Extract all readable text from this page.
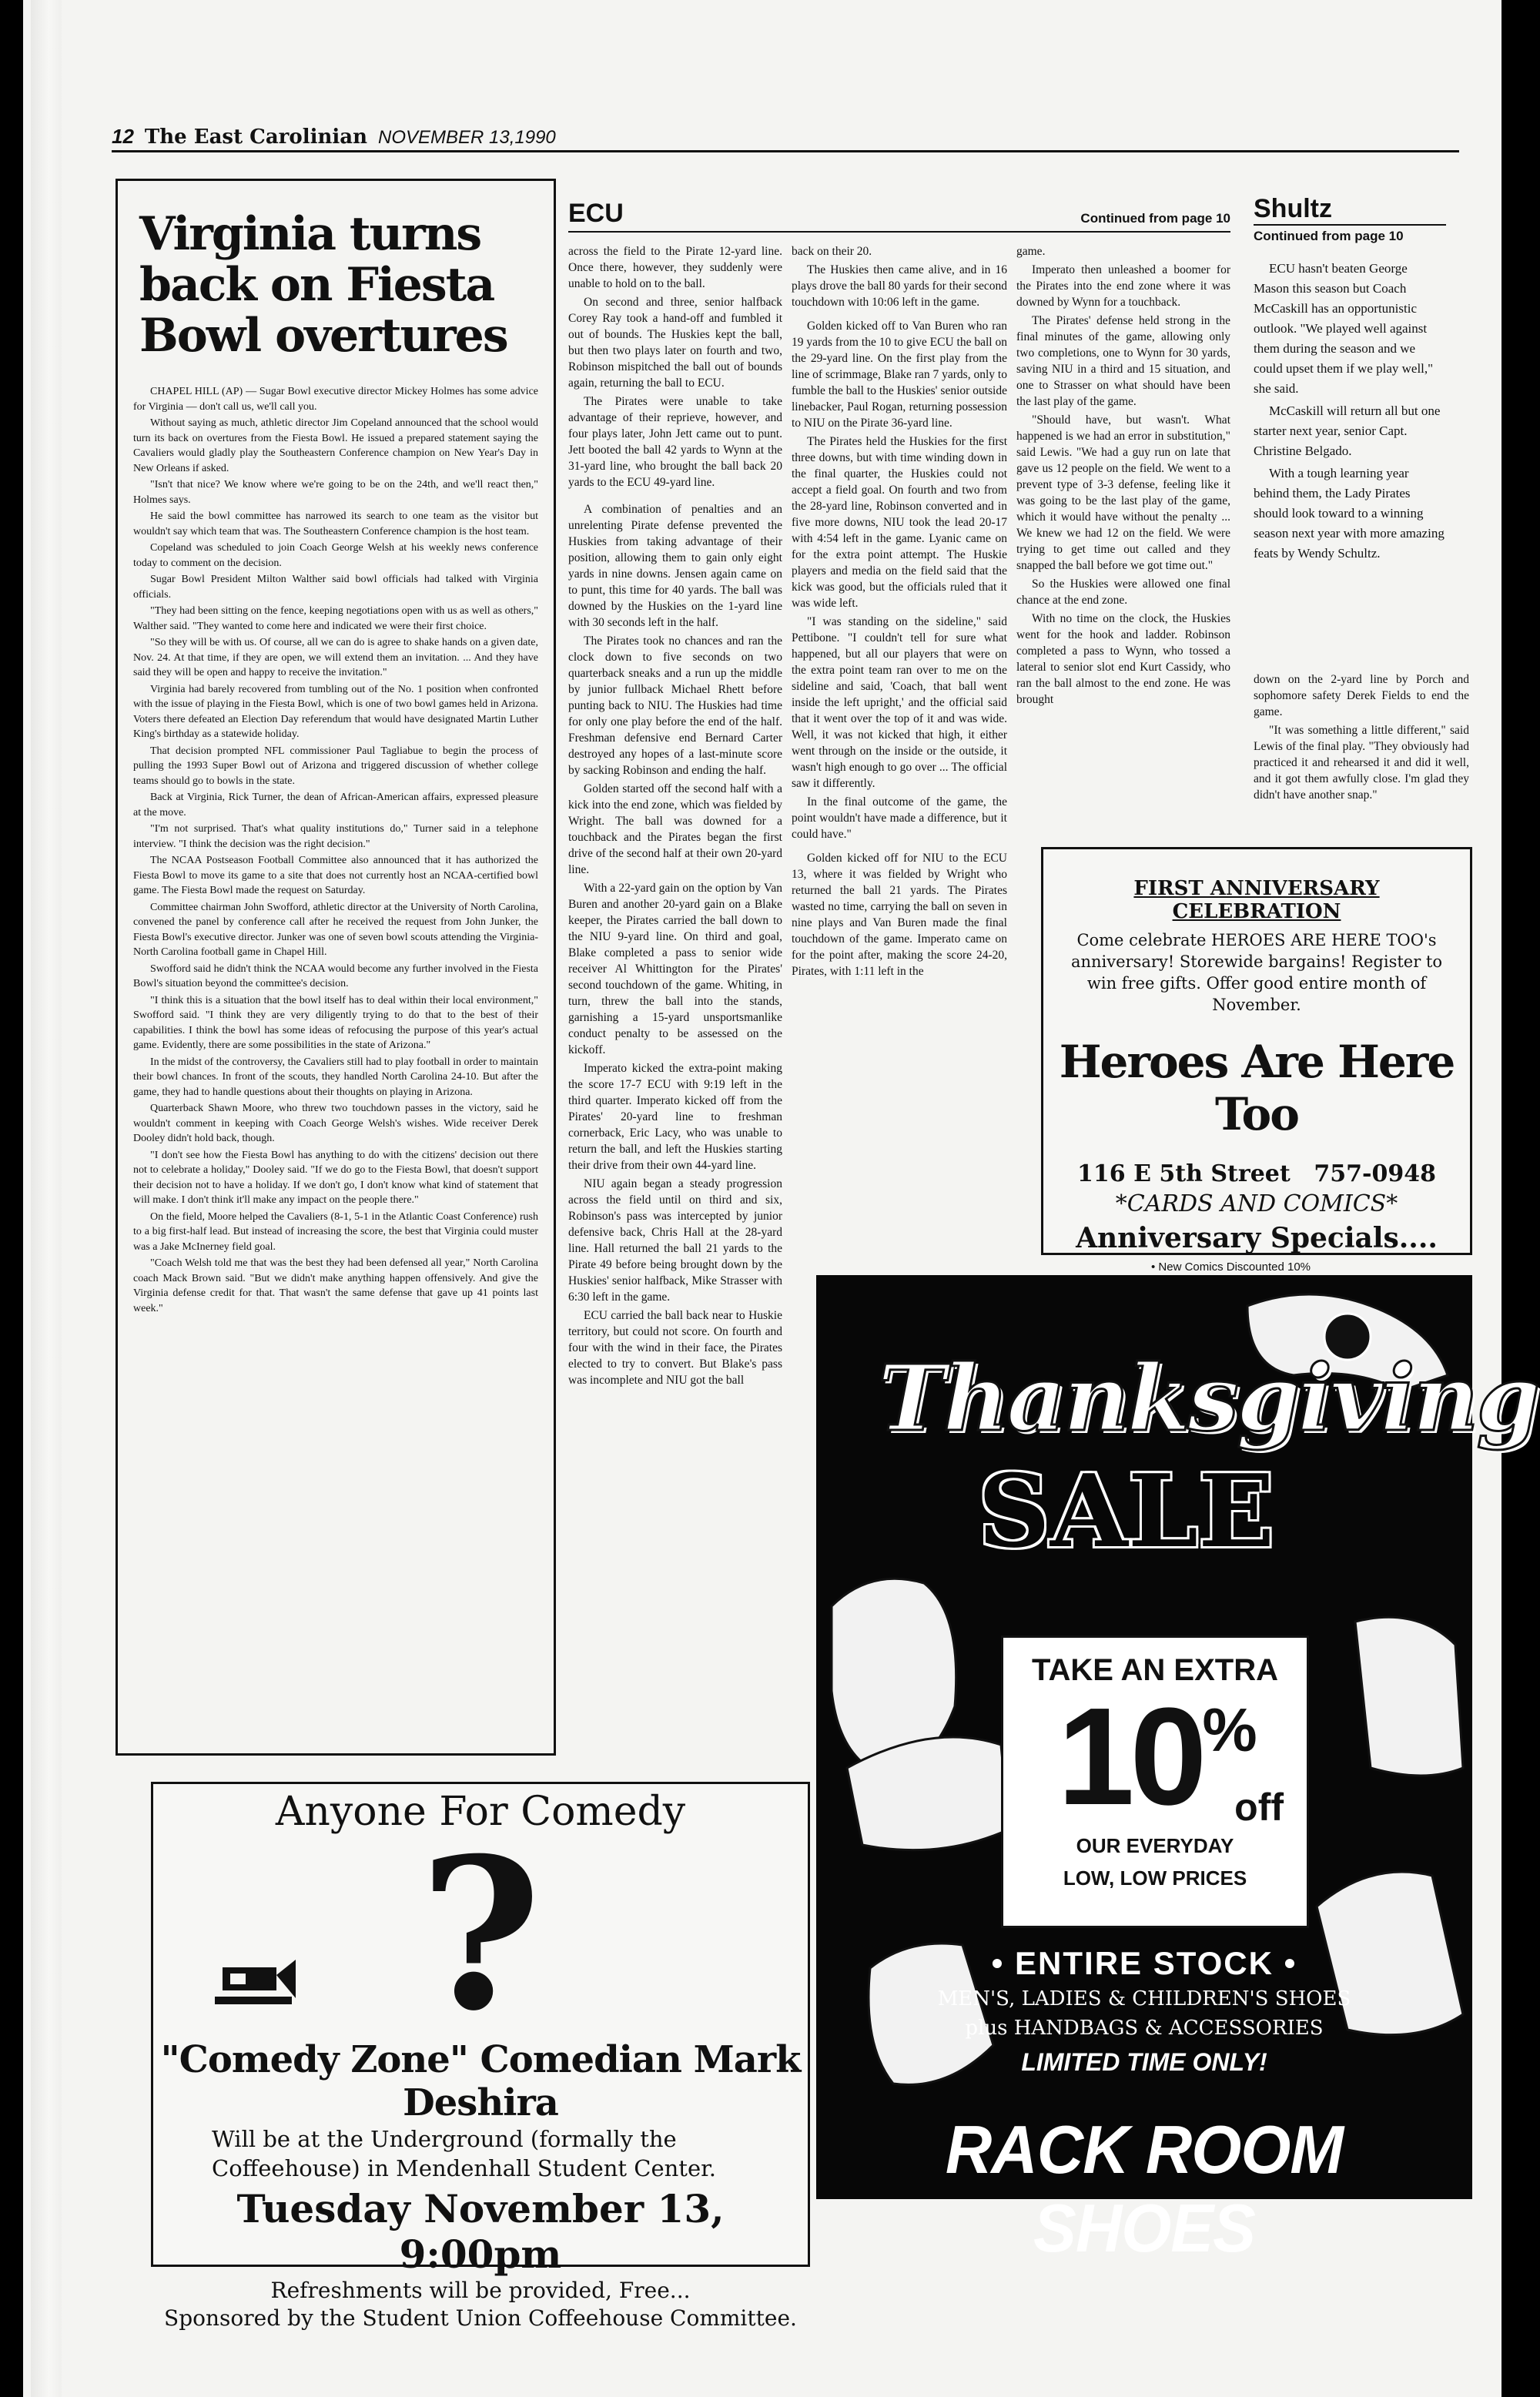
12 The East Carolinian NOVEMBER 13,1990
Virginia turns back on Fiesta Bowl overtures

CHAPEL HILL (AP) — Sugar Bowl executive director Mickey Holmes has some advice for Virginia — don't call us, we'll call you.

Without saying as much, athletic director Jim Copeland announced that the school would turn its back on overtures from the Fiesta Bowl. He issued a prepared statement saying the Cavaliers would gladly play the Southeastern Conference champion on New Year's Day in New Orleans if asked.

"Isn't that nice? We know where we're going to be on the 24th, and we'll react then," Holmes says.

He said the bowl committee has narrowed its search to one team as the visitor but wouldn't say which team that was. The Southeastern Conference champion is the host team.

Copeland was scheduled to join Coach George Welsh at his weekly news conference today to comment on the decision.

Sugar Bowl President Milton Walther said bowl officials had talked with Virginia officials.

"They had been sitting on the fence, keeping negotiations open with us as well as others," Walther said. "They wanted to come here and indicated we were their first choice.

"So they will be with us. Of course, all we can do is agree to shake hands on a given date, Nov. 24. At that time, if they are open, we will extend them an invitation. ... And they have said they will be open and happy to receive the invitation."

Virginia had barely recovered from tumbling out of the No. 1 position when confronted with the issue of playing in the Fiesta Bowl, which is one of two bowl games held in Arizona. Voters there defeated an Election Day referendum that would have designated Martin Luther King's birthday as a statewide holiday.

That decision prompted NFL commissioner Paul Tagliabue to begin the process of pulling the 1993 Super Bowl out of Arizona and triggered discussion of whether college teams should go to bowls in the state.

Back at Virginia, Rick Turner, the dean of African-American affairs, expressed pleasure at the move.

"I'm not surprised. That's what quality institutions do," Turner said in a telephone interview. "I think the decision was the right decision."

The NCAA Postseason Football Committee also announced that it has authorized the Fiesta Bowl to move its game to a site that does not currently host an NCAA-certified bowl game. The Fiesta Bowl made the request on Saturday.

Committee chairman John Swofford, athletic director at the University of North Carolina, convened the panel by conference call after he received the request from John Junker, the Fiesta Bowl's executive director. Junker was one of seven bowl scouts attending the Virginia-North Carolina football game in Chapel Hill.

Swofford said he didn't think the NCAA would become any further involved in the Fiesta Bowl's situation beyond the committee's decision.

"I think this is a situation that the bowl itself has to deal within their local environment," Swofford said. "I think they are very diligently trying to do that to the best of their capabilities. I think the bowl has some ideas of refocusing the purpose of this year's actual game. Evidently, there are some possibilities in the state of Arizona."

In the midst of the controversy, the Cavaliers still had to play football in order to maintain their bowl chances. In front of the scouts, they handled North Carolina 24-10. But after the game, they had to handle questions about their thoughts on playing in Arizona.

Quarterback Shawn Moore, who threw two touchdown passes in the victory, said he wouldn't comment in keeping with Coach George Welsh's wishes. Wide receiver Derek Dooley didn't hold back, though.

"I don't see how the Fiesta Bowl has anything to do with the citizens' decision out there not to celebrate a holiday," Dooley said. "If we do go to the Fiesta Bowl, that doesn't support their decision not to have a holiday. If we don't go, I don't know what kind of statement that will make. I don't think it'll make any impact on the people there."

On the field, Moore helped the Cavaliers (8-1, 5-1 in the Atlantic Coast Conference) rush to a big first-half lead. But instead of increasing the score, the best that Virginia could muster was a Jake McInerney field goal.

"Coach Welsh told me that was the best they had been defensed all year," North Carolina coach Mack Brown said. "But we didn't make anything happen offensively. And give the Virginia defense credit for that. That wasn't the same defense that gave up 41 points last week."

ECU	Continued from page 10

across the field to the Pirate 12-yard line. Once there, however, they suddenly were unable to hold on to the ball.

On second and three, senior halfback Corey Ray took a hand-off and fumbled it out of bounds. The Huskies kept the ball, but then two plays later on fourth and two, Robinson mispitched the ball out of bounds again, returning the ball to ECU.

The Pirates were unable to take advantage of their reprieve, however, and four plays later, John Jett came out to punt. Jett booted the ball 42 yards to Wynn at the 31-yard line, who brought the ball back 20 yards to the ECU 49-yard line.

A combination of penalties and an unrelenting Pirate defense prevented the Huskies from taking advantage of their position, allowing them to gain only eight yards in nine downs. Jensen again came on to punt, this time for 40 yards. The ball was downed by the Huskies on the 1-yard line with 30 seconds left in the half.

The Pirates took no chances and ran the clock down to five seconds on two quarterback sneaks and a run up the middle by junior fullback Michael Rhett before punting back to NIU. The Huskies had time for only one play before the end of the half. Freshman defensive end Bernard Carter destroyed any hopes of a last-minute score by sacking Robinson and ending the half.

Golden started off the second half with a kick into the end zone, which was fielded by Wright. The ball was downed for a touchback and the Pirates began the first drive of the second half at their own 20-yard line.

With a 22-yard gain on the option by Van Buren and another 20-yard gain on a Blake keeper, the Pirates carried the ball down to the NIU 9-yard line. On third and goal, Blake completed a pass to senior wide receiver Al Whittington for the Pirates' second touchdown of the game. Whiting, in turn, threw the ball into the stands, garnishing a 15-yard unsportsmanlike conduct penalty to be assessed on the kickoff.

Imperato kicked the extra-point making the score 17-7 ECU with 9:19 left in the third quarter. Imperato kicked off from the Pirates' 20-yard line to freshman cornerback, Eric Lacy, who was unable to return the ball, and left the Huskies starting their drive from their own 44-yard line.

NIU again began a steady progression across the field until on third and six, Robinson's pass was intercepted by junior defensive back, Chris Hall at the 28-yard line. Hall returned the ball 21 yards to the Pirate 49 before being brought down by the Huskies' senior halfback, Mike Strasser with 6:30 left in the game.

ECU carried the ball back near to Huskie territory, but could not score. On fourth and four with the wind in their face, the Pirates elected to try to convert. But Blake's pass was incomplete and NIU got the ball

back on their 20.

The Huskies then came alive, and in 16 plays drove the ball 80 yards for their second touchdown with 10:06 left in the game.

Golden kicked off to Van Buren who ran 19 yards from the 10 to give ECU the ball on the 29-yard line. On the first play from the line of scrimmage, Blake ran 7 yards, only to fumble the ball to the Huskies' senior outside linebacker, Paul Rogan, returning possession to NIU on the Pirate 36-yard line.

The Pirates held the Huskies for the first three downs, but with time winding down in the final quarter, the Huskies could not accept a field goal. On fourth and two from the 28-yard line, Robinson converted and in five more downs, NIU took the lead 20-17 with 4:54 left in the game. Lyanic came on for the extra point attempt. The Huskie players and media on the field said that the kick was good, but the officials ruled that it was wide left.

"I was standing on the sideline," said Pettibone. "I couldn't tell for sure what happened, but all our players that were on the extra point team ran over to me on the sideline and said, 'Coach, that ball went inside the left upright,' and the official said that it went over the top of it and was wide. Well, it was not kicked that high, it either went through on the inside or the outside, it wasn't high enough to go over ... The official saw it differently.

In the final outcome of the game, the point wouldn't have made a difference, but it could have."

Golden kicked off for NIU to the ECU 13, where it was fielded by Wright who returned the ball 21 yards. The Pirates wasted no time, carrying the ball on seven in nine plays and Van Buren made the final touchdown of the game. Imperato came on for the point after, making the score 24-20, Pirates, with 1:11 left in the

game.

Imperato then unleashed a boomer for the Pirates into the end zone where it was downed by Wynn for a touchback.

The Pirates' defense held strong in the final minutes of the game, allowing only two completions, one to Wynn for 30 yards, saving NIU in a third and 15 situation, and one to Strasser on what should have been the last play of the game.

"Should have, but wasn't. What happened is we had an error in substitution," said Lewis. "We had a guy run on late that gave us 12 people on the field. We went to a prevent type of 3-3 defense, feeling like it was going to be the last play of the game, which it would have without the penalty ... We knew we had 12 on the field. We were trying to get time out called and they snapped the ball before we got time out."

So the Huskies were allowed one final chance at the end zone.

With no time on the clock, the Huskies went for the hook and ladder. Robinson completed a pass to Wynn, who tossed a lateral to senior slot end Kurt Cassidy, who ran the ball almost to the end zone. He was brought

down on the 2-yard line by Porch and sophomore safety Derek Fields to end the game.

"It was something a little different," said Lewis of the final play. "They obviously had practiced it and rehearsed it and did it well, and it got them awfully close. I'm glad they didn't have another snap."

Shultz
Continued from page 10

ECU hasn't beaten George Mason this season but Coach McCaskill has an opportunistic outlook. "We played well against them during the season and we could upset them if we play well," she said.

McCaskill will return all but one starter next year, senior Capt. Christine Belgado.

With a tough learning year behind them, the Lady Pirates should look toward to a winning season next year with more amazing feats by Wendy Schultz.

FIRST ANNIVERSARY CELEBRATION
Come celebrate HEROES ARE HERE TOO's anniversary! Storewide bargains! Register to win free gifts. Offer good entire month of November.
Heroes Are Here Too
116 E 5th Street 757-0948
*CARDS AND COMICS*
Anniversary Specials....
• New Comics Discounted 10%
Thanksgiving
SALE
TAKE AN EXTRA
10%
off
OUR EVERYDAY
LOW, LOW PRICES
• ENTIRE STOCK •
MEN'S, LADIES & CHILDREN'S SHOES
plus HANDBAGS & ACCESSORIES
LIMITED TIME ONLY!
RACK ROOM SHOES
Anyone For Comedy
?
"Comedy Zone" Comedian Mark Deshira
Will be at the Underground (formally the Coffeehouse) in Mendenhall Student Center.
Tuesday November 13, 9:00pm
Refreshments will be provided, Free...
Sponsored by the Student Union Coffeehouse Committee.
